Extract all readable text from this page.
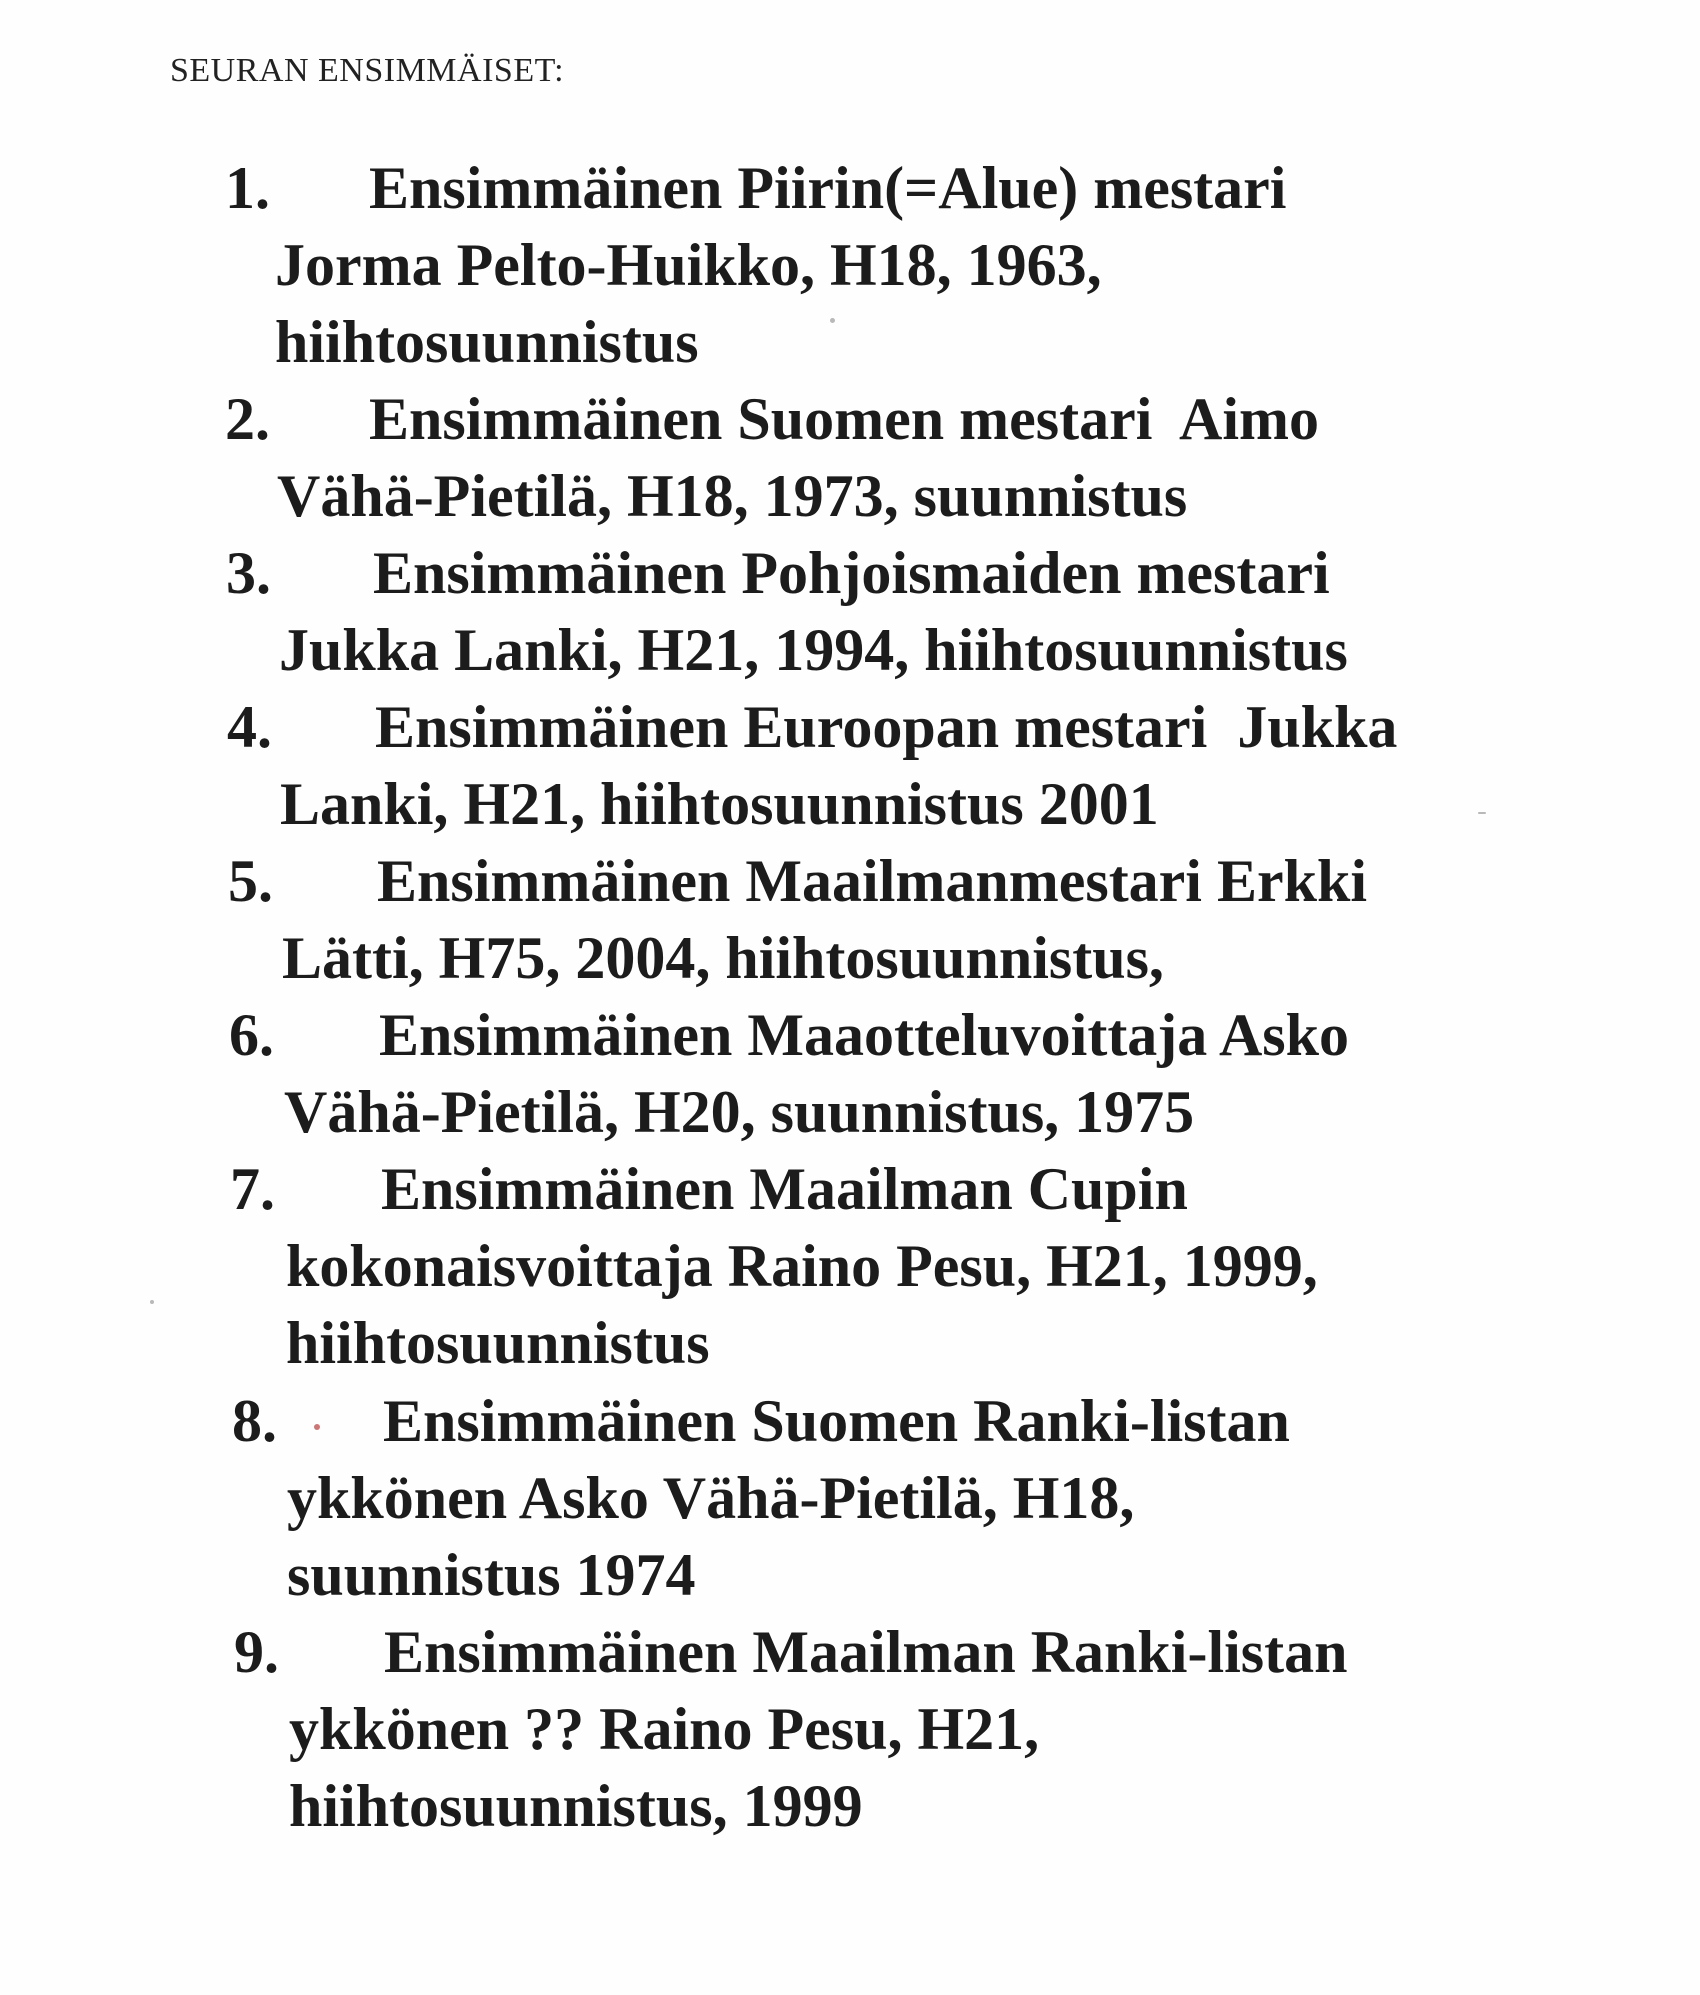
SEURAN ENSIMMÄISET:
1. Ensimmäinen Piirin(=Alue) mestari
Jorma Pelto-Huikko, H18, 1963,
hiihtosuunnistus
2. Ensimmäinen Suomen mestari  Aimo
Vähä-Pietilä, H18, 1973, suunnistus
3. Ensimmäinen Pohjoismaiden mestari
Jukka Lanki, H21, 1994, hiihtosuunnistus
4. Ensimmäinen Euroopan mestari  Jukka
Lanki, H21, hiihtosuunnistus 2001
5. Ensimmäinen Maailmanmestari Erkki
Lätti, H75, 2004, hiihtosuunnistus,
6. Ensimmäinen Maaotteluvoittaja Asko
Vähä-Pietilä, H20, suunnistus, 1975
7. Ensimmäinen Maailman Cupin
kokonaisvoittaja Raino Pesu, H21, 1999,
hiihtosuunnistus
8. Ensimmäinen Suomen Ranki-listan
ykkönen Asko Vähä-Pietilä, H18,
suunnistus 1974
9. Ensimmäinen Maailman Ranki-listan
ykkönen ?? Raino Pesu, H21,
hiihtosuunnistus, 1999
